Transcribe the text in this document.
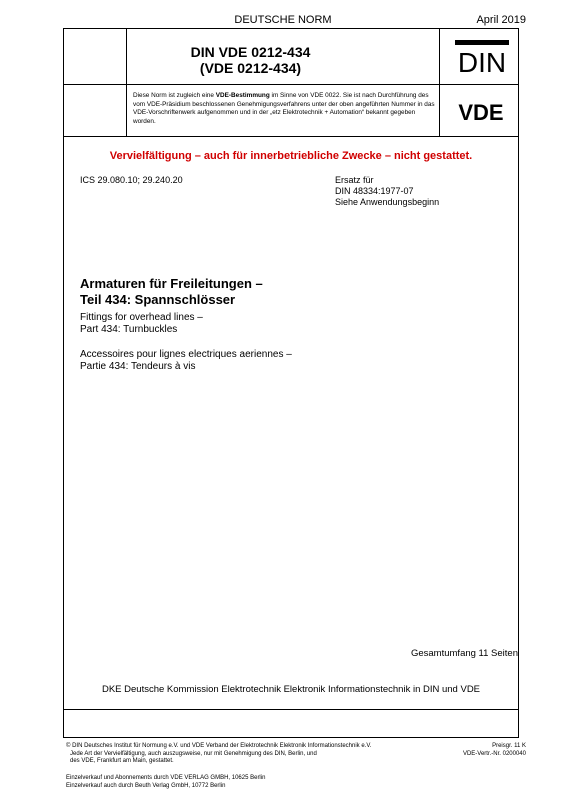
DEUTSCHE NORM	April 2019
DIN VDE 0212-434
(VDE 0212-434)	DIN
Diese Norm ist zugleich eine VDE-Bestimmung im Sinne von VDE 0022. Sie ist nach Durchführung des vom VDE-Präsidium beschlossenen Genehmigungsverfahrens unter der oben angeführten Nummer in das VDE-Vorschriftenwerk aufgenommen und in der „etz Elektrotechnik + Automation“ bekannt gegeben worden.	VDE
Vervielfältigung – auch für innerbetriebliche Zwecke – nicht gestattet.
ICS 29.080.10; 29.240.20	Ersatz für
DIN 48334:1977-07
Siehe Anwendungsbeginn
Armaturen für Freileitungen –
Teil 434: Spannschlösser
Fittings for overhead lines –
Part 434: Turnbuckles
Accessoires pour lignes electriques aeriennes –
Partie 434: Tendeurs à vis
Gesamtumfang 11 Seiten
DKE Deutsche Kommission Elektrotechnik Elektronik Informationstechnik in DIN und VDE
© DIN Deutsches Institut für Normung e.V. und VDE Verband der Elektrotechnik Elektronik Informationstechnik e.V.
Jede Art der Vervielfältigung, auch auszugsweise, nur mit Genehmigung des DIN, Berlin, und
des VDE, Frankfurt am Main, gestattet.
Preisgr. 11 K
VDE-Vertr.-Nr. 0200040
Einzelverkauf und Abonnements durch VDE VERLAG GMBH, 10625 Berlin
Einzelverkauf auch durch Beuth Verlag GmbH, 10772 Berlin
